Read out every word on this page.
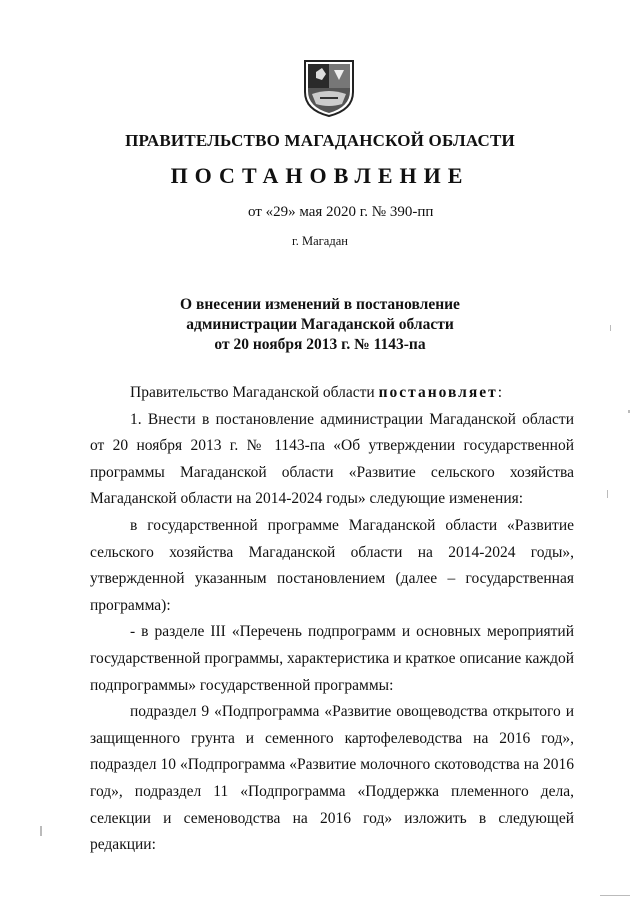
ПРАВИТЕЛЬСТВО МАГАДАНСКОЙ ОБЛАСТИ
ПОСТАНОВЛЕНИЕ
от «29» мая 2020 г. № 390-пп
г. Магадан
О внесении изменений в постановление
администрации Магаданской области
от 20 ноября 2013 г. № 1143-па

Правительство Магаданской области постановляет:

1. Внести в постановление администрации Магаданской области от 20 ноября 2013 г. № 1143-па «Об утверждении государственной программы Магаданской области «Развитие сельского хозяйства Магаданской области на 2014-2024 годы» следующие изменения:

в государственной программе Магаданской области «Развитие сельского хозяйства Магаданской области на 2014-2024 годы», утвержденной указанным постановлением (далее – государственная программа):

- в разделе III «Перечень подпрограмм и основных мероприятий государственной программы, характеристика и краткое описание каждой подпрограммы» государственной программы:

подраздел 9 «Подпрограмма «Развитие овощеводства открытого и защищенного грунта и семенного картофелеводства на 2016 год», подраздел 10 «Подпрограмма «Развитие молочного скотоводства на 2016 год», подраздел 11 «Подпрограмма «Поддержка племенного дела, селекции и семеноводства на 2016 год» изложить в следующей редакции:
